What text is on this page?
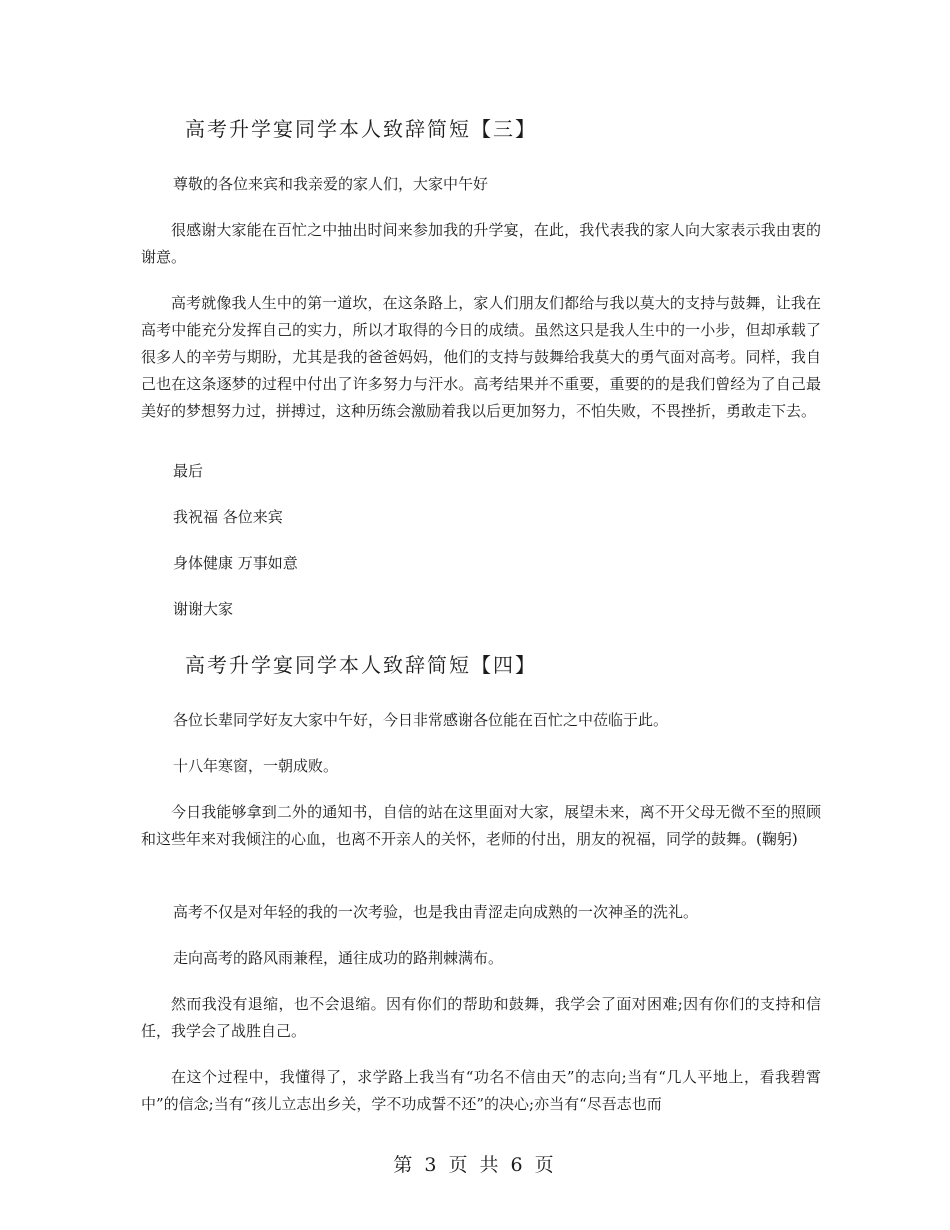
高考升学宴同学本人致辞简短【三】
尊敬的各位来宾和我亲爱的家人们，大家中午好
很感谢大家能在百忙之中抽出时间来参加我的升学宴，在此，我代表我的家人向大家表示我由衷的谢意。
高考就像我人生中的第一道坎，在这条路上，家人们朋友们都给与我以莫大的支持与鼓舞，让我在高考中能充分发挥自己的实力，所以才取得的今日的成绩。虽然这只是我人生中的一小步，但却承载了很多人的辛劳与期盼，尤其是我的爸爸妈妈，他们的支持与鼓舞给我莫大的勇气面对高考。同样，我自己也在这条逐梦的过程中付出了许多努力与汗水。高考结果并不重要，重要的的是我们曾经为了自己最美好的梦想努力过，拼搏过，这种历练会激励着我以后更加努力，不怕失败，不畏挫折，勇敢走下去。
最后
我祝福 各位来宾
身体健康 万事如意
谢谢大家
高考升学宴同学本人致辞简短【四】
各位长辈同学好友大家中午好，今日非常感谢各位能在百忙之中莅临于此。
十八年寒窗，一朝成败。
今日我能够拿到二外的通知书，自信的站在这里面对大家，展望未来，离不开父母无微不至的照顾和这些年来对我倾注的心血，也离不开亲人的关怀，老师的付出，朋友的祝福，同学的鼓舞。(鞠躬)
高考不仅是对年轻的我的一次考验，也是我由青涩走向成熟的一次神圣的洗礼。
走向高考的路风雨兼程，通往成功的路荆棘满布。
然而我没有退缩，也不会退缩。因有你们的帮助和鼓舞，我学会了面对困难;因有你们的支持和信任，我学会了战胜自己。
在这个过程中，我懂得了，求学路上我当有“功名不信由天”的志向;当有“几人平地上，看我碧霄中”的信念;当有“孩儿立志出乡关，学不功成誓不还”的决心;亦当有“尽吾志也而
第 3 页 共 6 页
